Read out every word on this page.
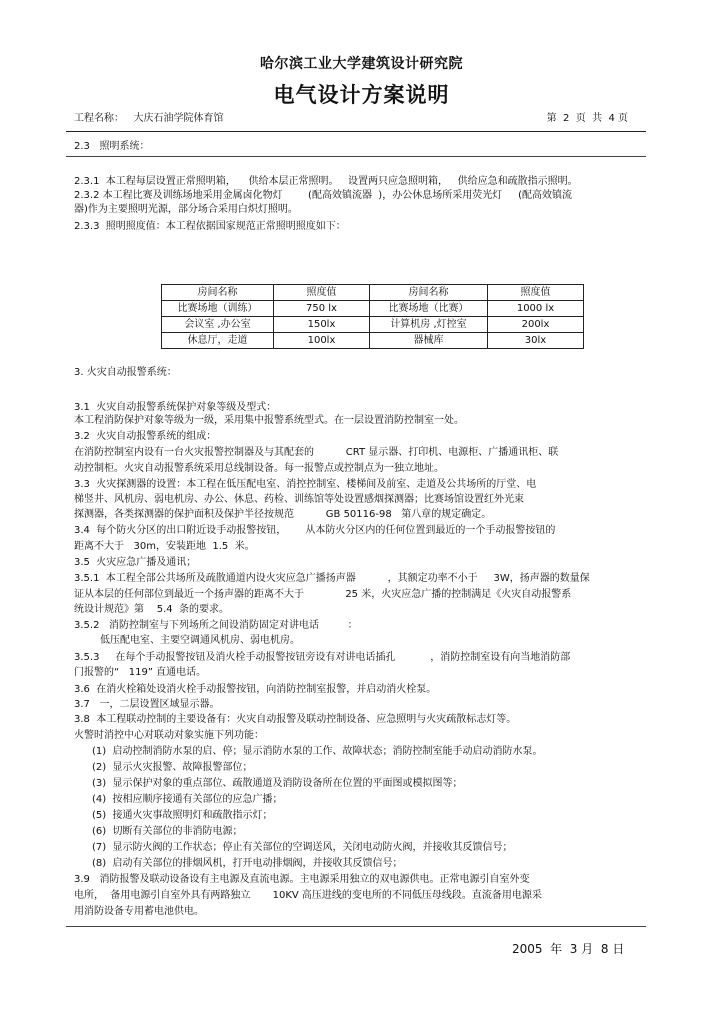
哈尔滨工业大学建筑设计研究院
电气设计方案说明
工程名称： 大庆石油学院体育馆	第  2  页  共  4 页
2.3   照明系统：
2.3.1  本工程每层设置正常照明箱，    供给本层正常照明。   设置两只应急照明箱，   供给应急和疏散指示照明。
2.3.2 本工程比赛及训练场地采用金属卤化物灯        (配高效镇流器  )，办公休息场所采用荧光灯     (配高效镇流
器)作为主要照明光源，部分场合采用白炽灯照明。
2.3.3  照明照度值：本工程依据国家规范正常照明照度如下：
房间名称	照度值	房间名称	照度值
比赛场地（训练）	750 lx	比赛场地（比赛）	1000 lx
会议室 ,办公室	150lx	计算机房 ,灯控室	200lx
休息厅，走道	100lx	器械库	30lx
3. 火灾自动报警系统：
3.1  火灾自动报警系统保护对象等级及型式：
本工程消防保护对象等级为一级，采用集中报警系统型式。在一层设置消防控制室一处。
3.2  火灾自动报警系统的组成：
在消防控制室内设有一台火灾报警控制器及与其配套的          CRT 显示器、打印机、电源柜、广播通讯柜、联
动控制柜。火灾自动报警系统采用总线制设备。每一报警点或控制点为一独立地址。
3.3  火灾探测器的设置：本工程在低压配电室、消控控制室、楼梯间及前室、走道及公共场所的厅堂、电
梯竖井、风机房、弱电机房、办公、休息、药检、训练馆等处设置感烟探测器；比赛场馆设置红外光束
探测器，各类探测器的保护面积及保护半径按规范          GB 50116-98   第八章的规定确定。
3.4  每个防火分区的出口附近设手动报警按钮，      从本防火分区内的任何位置到最近的一个手动报警按钮的
距离不大于   30m，安装距地  1.5  米。
3.5  火灾应急广播及通讯；
3.5.1  本工程全部公共场所及疏散通道内设火灾应急广播扬声器          ，其额定功率不小于     3W，扬声器的数量保
证从本层的任何部位到最近一个扬声器的距离不大于             25 米，火灾应急广播的控制满足《火灾自动报警系
统设计规范》第    5.4  条的要求。
3.5.2   消防控制室与下列场所之间设消防固定对讲电话         ：
低压配电室、主要空调通风机房、弱电机房。
3.5.3     在每个手动报警按钮及消火栓手动报警按钮旁设有对讲电话插孔           ，消防控制室设有向当地消防部
门报警的“   119” 直通电话。
3.6  在消火栓箱处设消火栓手动报警按钮，向消防控制室报警，并启动消火栓泵。
3.7   一，二层设置区域显示器。
3.8  本工程联动控制的主要设备有：火灾自动报警及联动控制设备、应急照明与火灾疏散标志灯等。
火警时消控中心对联动对象实施下列功能：
(1)  启动控制消防水泵的启、停；显示消防水泵的工作、故障状态；消防控制室能手动启动消防水泵。
(2)  显示火灾报警、故障报警部位；
(3)  显示保护对象的重点部位、疏散通道及消防设备所在位置的平面图或模拟图等；
(4)  按相应顺序接通有关部位的应急广播；
(5)  接通火灾事故照明灯和疏散指示灯；
(6)  切断有关部位的非消防电源；
(7)  显示防火阀的工作状态；停止有关部位的空调送风，关闭电动防火阀，并接收其反馈信号；
(8)  启动有关部位的排烟风机，打开电动排烟阀，并接收其反馈信号；
3.9   消防报警及联动设备设有主电源及直流电源。主电源采用独立的双电源供电。正常电源引自室外变
电所，  备用电源引自室外具有两路独立       10KV 高压进线的变电所的不同低压母线段。直流备用电源采
用消防设备专用蓄电池供电。
2005  年  3 月  8 日
